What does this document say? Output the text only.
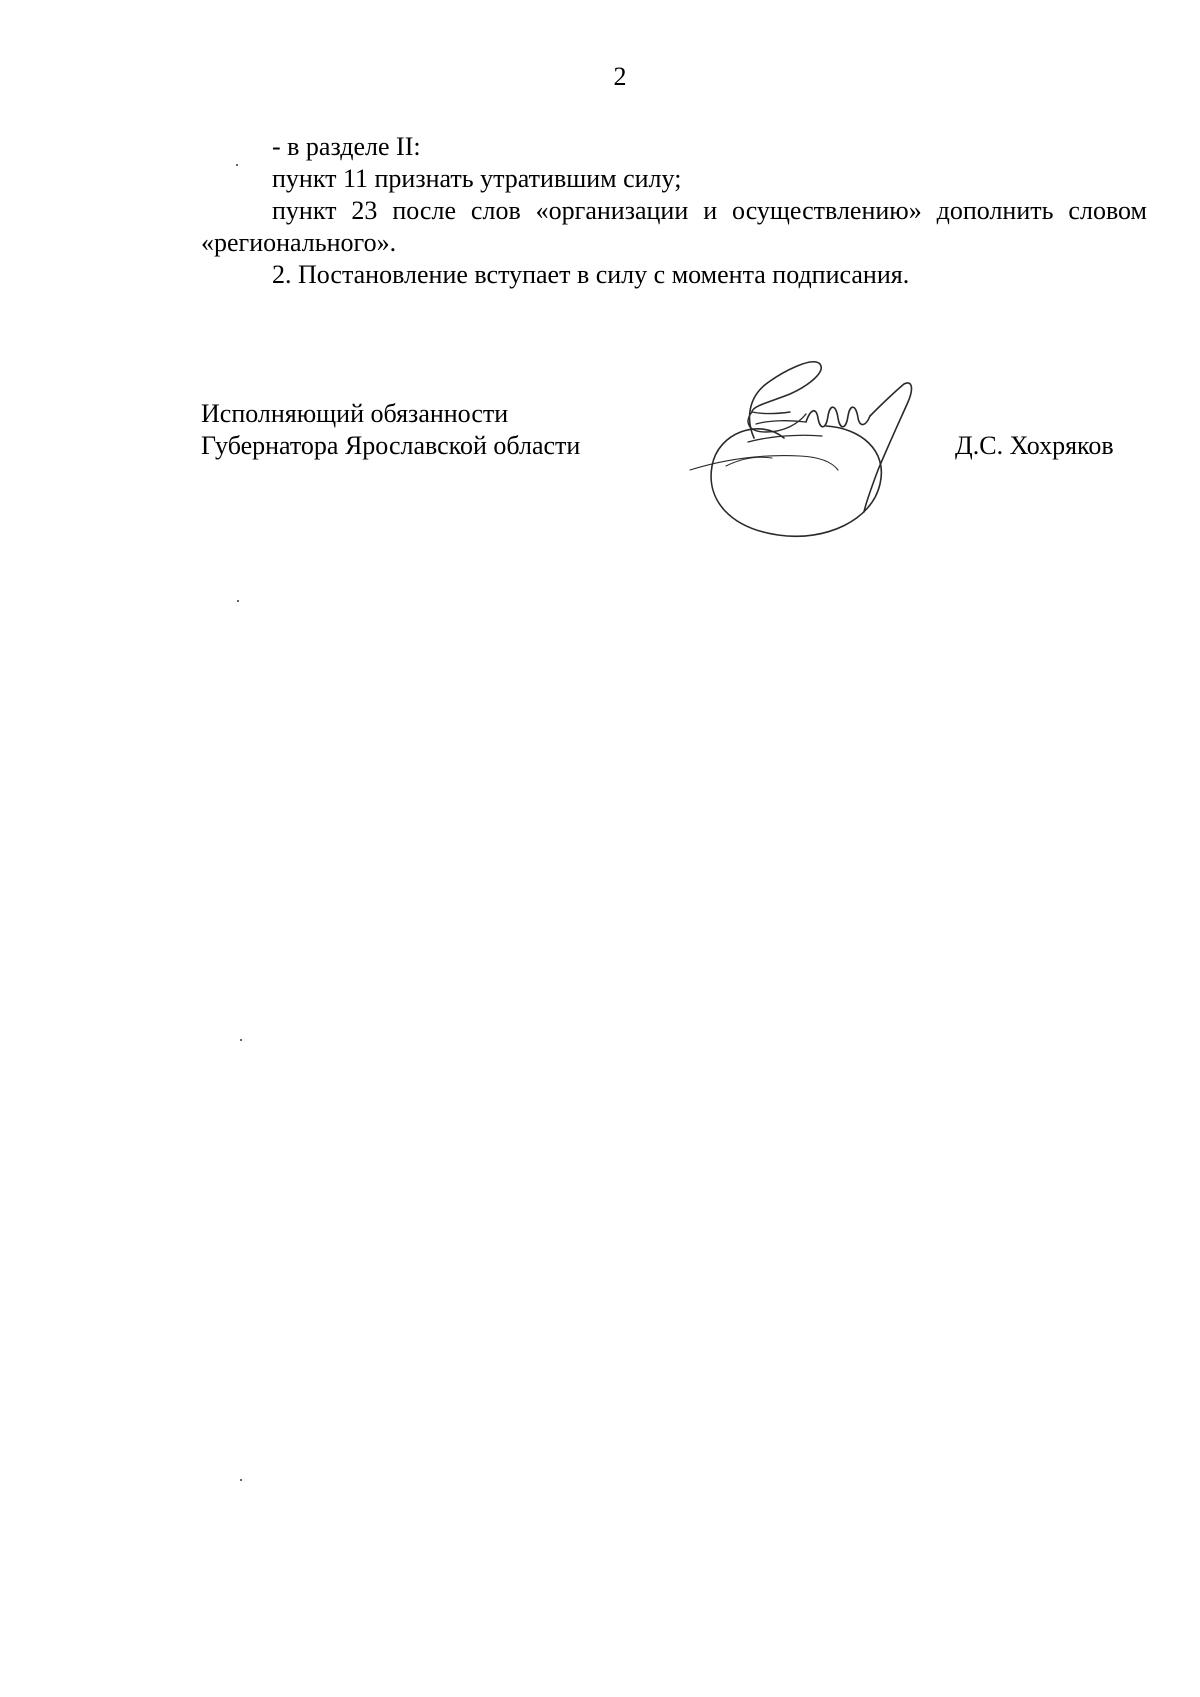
2

- в разделе II:

пункт 11 признать утратившим силу;

пункт 23 после слов «организации и осуществлению» дополнить словом «регионального».

2. Постановление вступает в силу с момента подписания.

Исполняющий обязанности
Губернатора Ярославской области	Д.С. Хохряков
